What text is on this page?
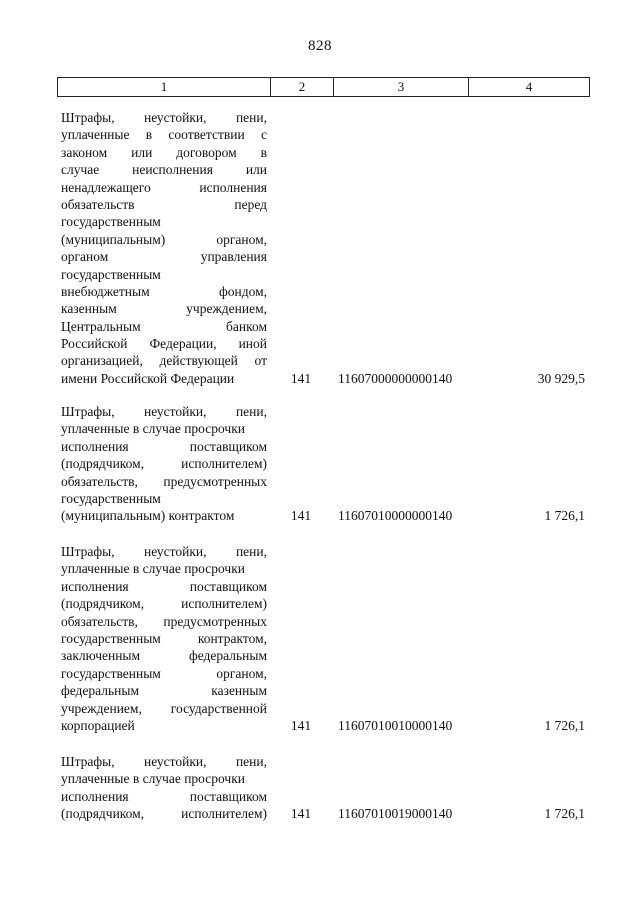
828
1	2	3	4
Штрафы, неустойки, пени,
уплаченные в соответствии с
законом или договором в
случае неисполнения или
ненадлежащего исполнения
обязательств перед
государственным
(муниципальным) органом,
органом управления
государственным
внебюджетным фондом,
казенным учреждением,
Центральным банком
Российской Федерации, иной
организацией, действующей от
имени Российской Федерации	141	11607000000000140	30 929,5
Штрафы, неустойки, пени,
уплаченные в случае просрочки
исполнения поставщиком
(подрядчиком, исполнителем)
обязательств, предусмотренных
государственным
(муниципальным) контрактом	141	11607010000000140	1 726,1
Штрафы, неустойки, пени,
уплаченные в случае просрочки
исполнения поставщиком
(подрядчиком, исполнителем)
обязательств, предусмотренных
государственным контрактом,
заключенным федеральным
государственным органом,
федеральным казенным
учреждением, государственной
корпорацией	141	11607010010000140	1 726,1
Штрафы, неустойки, пени,
уплаченные в случае просрочки
исполнения поставщиком
(подрядчиком, исполнителем)	141	11607010019000140	1 726,1
